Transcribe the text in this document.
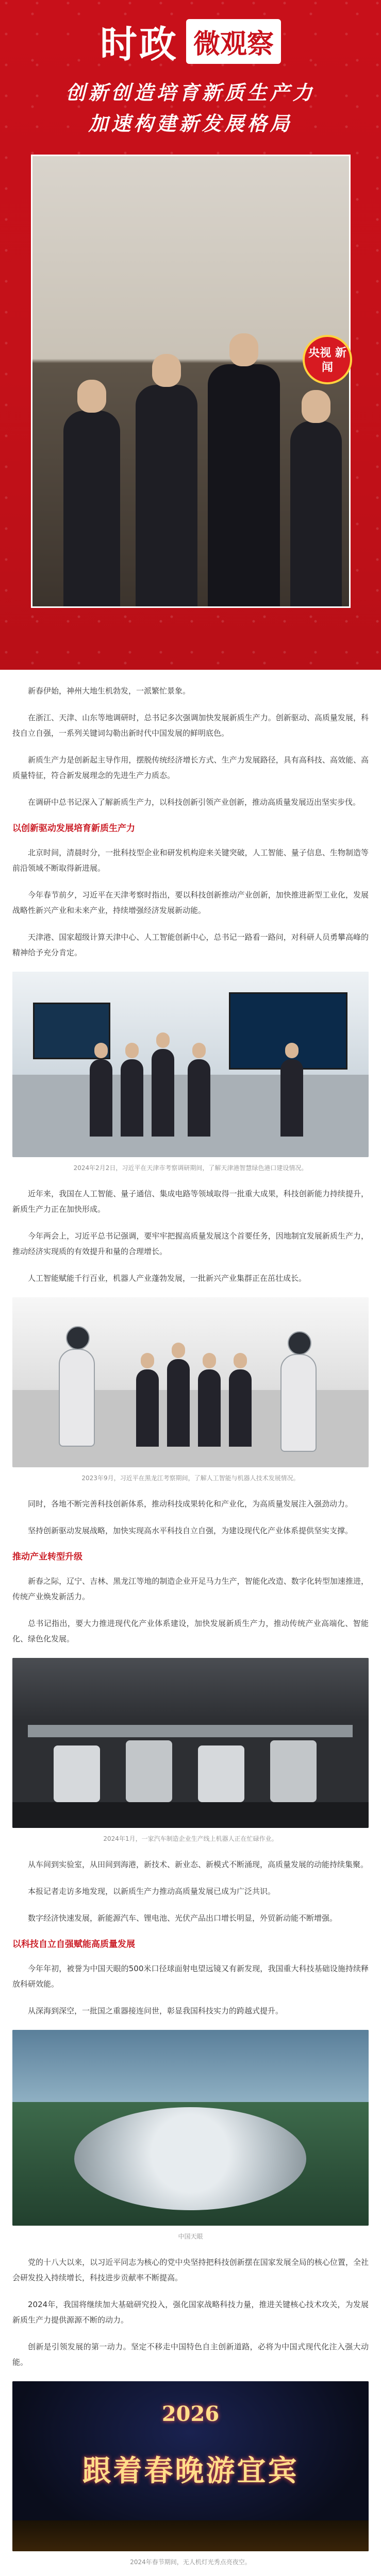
时政 微观察
创新创造培育新质生产力
加速构建新发展格局
央视 新闻

新春伊始，神州大地生机勃发，一派繁忙景象。

在浙江、天津、山东等地调研时，总书记多次强调加快发展新质生产力。创新驱动、高质量发展，科技自立自强，一系列关键词勾勒出新时代中国发展的鲜明底色。

新质生产力是创新起主导作用，摆脱传统经济增长方式、生产力发展路径，具有高科技、高效能、高质量特征，符合新发展理念的先进生产力质态。

在调研中总书记深入了解新质生产力，以科技创新引领产业创新，推动高质量发展迈出坚实步伐。

以创新驱动发展培育新质生产力

北京时间，清晨时分，一批科技型企业和研发机构迎来关键突破，人工智能、量子信息、生物制造等前沿领域不断取得新进展。

今年春节前夕，习近平在天津考察时指出，要以科技创新推动产业创新，加快推进新型工业化，发展战略性新兴产业和未来产业，持续增强经济发展新动能。

天津港、国家超级计算天津中心、人工智能创新中心，总书记一路看一路问，对科研人员勇攀高峰的精神给予充分肯定。

2024年2月2日，习近平在天津市考察调研期间，了解天津港智慧绿色港口建设情况。

近年来，我国在人工智能、量子通信、集成电路等领域取得一批重大成果，科技创新能力持续提升，新质生产力正在加快形成。

今年两会上，习近平总书记强调，要牢牢把握高质量发展这个首要任务，因地制宜发展新质生产力，推动经济实现质的有效提升和量的合理增长。

人工智能赋能千行百业，机器人产业蓬勃发展，一批新兴产业集群正在茁壮成长。

2023年9月，习近平在黑龙江考察期间，了解人工智能与机器人技术发展情况。

同时，各地不断完善科技创新体系，推动科技成果转化和产业化，为高质量发展注入强劲动力。

坚持创新驱动发展战略，加快实现高水平科技自立自强，为建设现代化产业体系提供坚实支撑。

推动产业转型升级

新春之际，辽宁、吉林、黑龙江等地的制造企业开足马力生产，智能化改造、数字化转型加速推进，传统产业焕发新活力。

总书记指出，要大力推进现代化产业体系建设，加快发展新质生产力，推动传统产业高端化、智能化、绿色化发展。

2024年1月，一家汽车制造企业生产线上机器人正在忙碌作业。

从车间到实验室，从田间到海港，新技术、新业态、新模式不断涌现，高质量发展的动能持续集聚。

本报记者走访多地发现，以新质生产力推动高质量发展已成为广泛共识。

数字经济快速发展，新能源汽车、锂电池、光伏产品出口增长明显，外贸新动能不断增强。

以科技自立自强赋能高质量发展

今年年初，被誉为中国天眼的500米口径球面射电望远镜又有新发现，我国重大科技基础设施持续释放科研效能。

从深海到深空，一批国之重器接连问世，彰显我国科技实力的跨越式提升。

中国天眼

党的十八大以来，以习近平同志为核心的党中央坚持把科技创新摆在国家发展全局的核心位置，全社会研发投入持续增长，科技进步贡献率不断提高。

2024年，我国将继续加大基础研究投入，强化国家战略科技力量，推进关键核心技术攻关，为发展新质生产力提供源源不断的动力。

创新是引领发展的第一动力。坚定不移走中国特色自主创新道路，必将为中国式现代化注入强大动能。

2026
跟着春晚游宜宾
2024年春节期间，无人机灯光秀点亮夜空。
